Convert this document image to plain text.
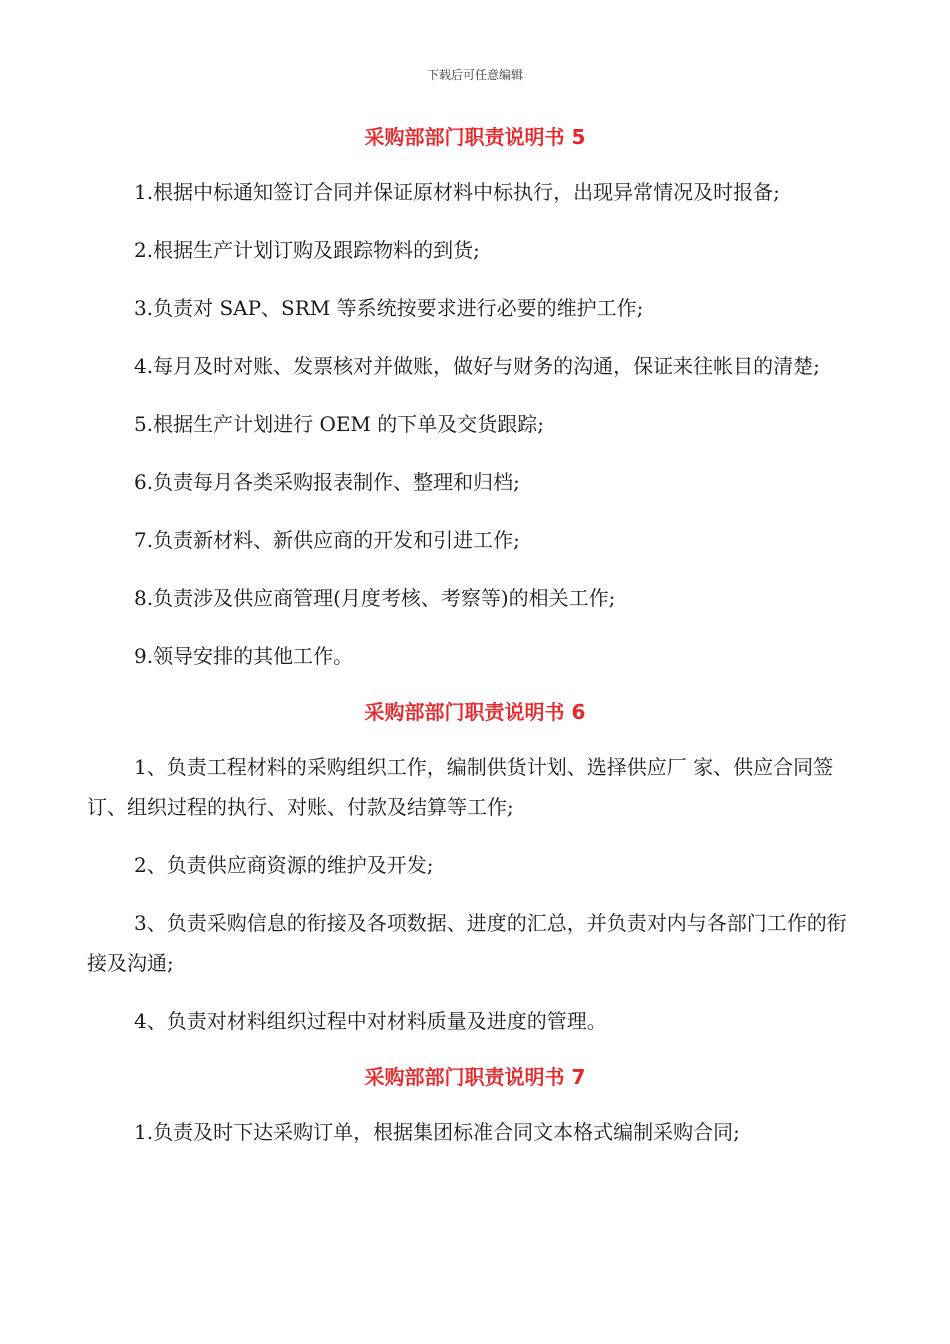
下载后可任意编辑
采购部部门职责说明书 5

1.根据中标通知签订合同并保证原材料中标执行，出现异常情况及时报备;

2.根据生产计划订购及跟踪物料的到货;

3.负责对 SAP、SRM 等系统按要求进行必要的维护工作;

4.每月及时对账、发票核对并做账，做好与财务的沟通，保证来往帐目的清楚;

5.根据生产计划进行 OEM 的下单及交货跟踪;

6.负责每月各类采购报表制作、整理和归档;

7.负责新材料、新供应商的开发和引进工作;

8.负责涉及供应商管理(月度考核、考察等)的相关工作;

9.领导安排的其他工作。

采购部部门职责说明书 6

1、负责工程材料的采购组织工作，编制供货计划、选择供应厂 家、供应合同签订、组织过程的执行、对账、付款及结算等工作;

2、负责供应商资源的维护及开发;

3、负责采购信息的衔接及各项数据、进度的汇总，并负责对内与各部门工作的衔接及沟通;

4、负责对材料组织过程中对材料质量及进度的管理。

采购部部门职责说明书 7

1.负责及时下达采购订单，根据集团标准合同文本格式编制采购合同;
